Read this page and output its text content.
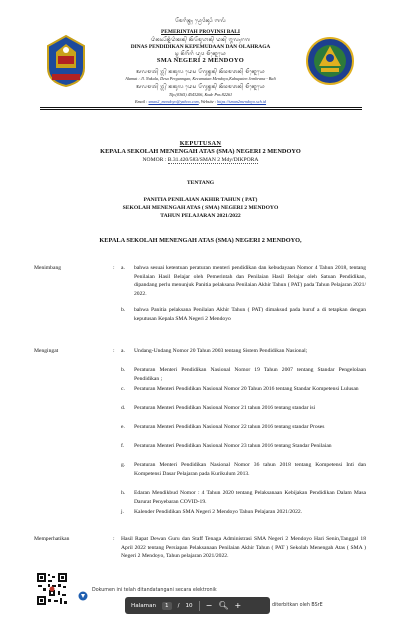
ᬧᭂᬫᬭᬶᬦ᭄ᬢᬄ ᬧ᭄ᬭᭀᬯᬶᬦ᭄ᬲᬶ ᬩᬮᬶ
PEMERINTAH PROVINSI BALI
ᬤᬶᬦᬲ᭄ᬧᭂᬦ᭄ᬤᬶᬤᬶᬓᬦ᭄ ᬓᭂᬧᭂᬫᬸᬤᬵᬦ᭄ ᬤᬦ᭄ ᬑᬮᬄᬭᬕ
DINAS PENDIDIKAN KEPEMUDAAN DAN OLAHRAGA
ᬲ᭄ᬫ ᬦᭂᬕᭂᬭᬶ ᬤᬸᬯ ᬫᭂᬦ᭄ᬤᭀᬬᭀ
SMA NEGERI 2 MENDOYO
ᬅᬮᬫᬢ᭄ ᬚ᭄ᬮ᭄ ᬦᬓᬸᬮ ᬤᬾᬲ ᬧᭂᬕᬸᬦ᭄ᬢᬦ᭄ ᬓᭂᬘᬫᬢᬦ᭄ ᬫᭂᬦ᭄ᬤᭀᬬᭀ
Alamat : Jl. Nakula, Desa Pergunngan, Kecamatan Mendoyo,Kabupaten Jembrana - Bali
ᬅᬮᬫᬢ᭄ ᬚ᭄ᬮ᭄ ᬦᬓᬸᬮ ᬤᬾᬲ ᬧᭂᬕᬸᬦ᭄ᬢᬦ᭄ ᬓᭂᬘᬫᬢᬦ᭄ ᬫᭂᬦ᭄ᬤᭀᬬᭀ
Tlp.(0365) 4543206, Kode Pos 82261
Email : sman2_mendoyo@yahoo.com, Website : https://sman2mendoyo.sch.id
KEPUTUSAN
KEPALA SEKOLAH MENENGAH ATAS (SMA) NEGERI 2 MENDOYO
NOMOR : B.31.420/583/SMAN 2 Mdy/DIKPORA
TENTANG
PANITIA PENILAIAN AKHIR TAHUN ( PAT)
SEKOLAH MENENGAH ATAS ( SMA) NEGERI 2 MENDOYO
TAHUN PELAJARAN 2021/2022
KEPALA SEKOLAH MENENGAH ATAS (SMA) NEGERI 2 MENDOYO,
Menimbang	: a. bahwa sesuai ketentuan peraturan menteri pendidikan dan kebudayaan Nomor 4 Tahun 2018, tentang Penilaian Hasil Belajar oleh Pemerintah dan Penilaian Hasil Belajar oleh Satuan Pendidikan, dipandang perlu menunjuk Panitia pelaksana Penilaian Akhir Tahun ( PAT) pada Tahun Pelajaran 2021/ 2022.
b. bahwa Panitia pelaksana Penilaian Akhir Tahun ( PAT) dimaksud pada huruf a di tetapkan dengan keputusan Kepala SMA Negeri 2 Mendoyo
Mengingat	: a. Undang-Undang Nomor 20 Tahun 2003 tentang Sistem Pendidikan Nasional;
b. Peraturan Menteri Pendidikan Nasional Nomor 19 Tahun 2007 tentang Standar Pengelolaan Pendidikan ;
c. Peraturan Menteri Pendidikan Nasional Nomor 20 Tahun 2016 tentang Standar Kompetensi Lulusan
d. Peraturan Menteri Pendidikan Nasional Nomor 21 tahun 2016 tentang standar isi
e. Peraturan Menteri Pendidikan Nasional Nomor 22 tahun 2016 tentang standar Proses
f. Peraturan Menteri Pendidikan Nasional Nomor 23 tahun 2016 tentang Standar Penilaian
g. Peraturan Menteri Pendidikan Nasional Nomor 36 tahun 2018 tentang Kompetensi Inti dan Kompetensi Dasar Pelajaran pada Kurikulum 2013.
h. Edaran Mendikbud Nomor : 4 Tahun 2020 tentang Pelaksanaan Kebijakan Pendidikan Dalam Masa Darurat Penyebaran COVID-19.
j. Kalender Pendidikan SMA Negeri 2 Mendoyo Tahun Pelajaran 2021/2022.
Memperhatikan	: Hasil Rapat Dewan Guru dan Staff Tenaga Administrasi SMA Negeri 2 Mendoyo Hari Senin,Tanggal 18 April 2022 tentang Persiapan Pelaksanaan Penilaian Akhir Tahun ( PAT ) Sekolah Menengah Atas ( SMA ) Negeri 2 Mendoyo, Tahun pelajaran 2021/2022.
Dokumen ini telah ditandatangani secara elektronik
diterbitkan oleh BSrE
Halaman	1	/ 10 − 🔍︎ +
